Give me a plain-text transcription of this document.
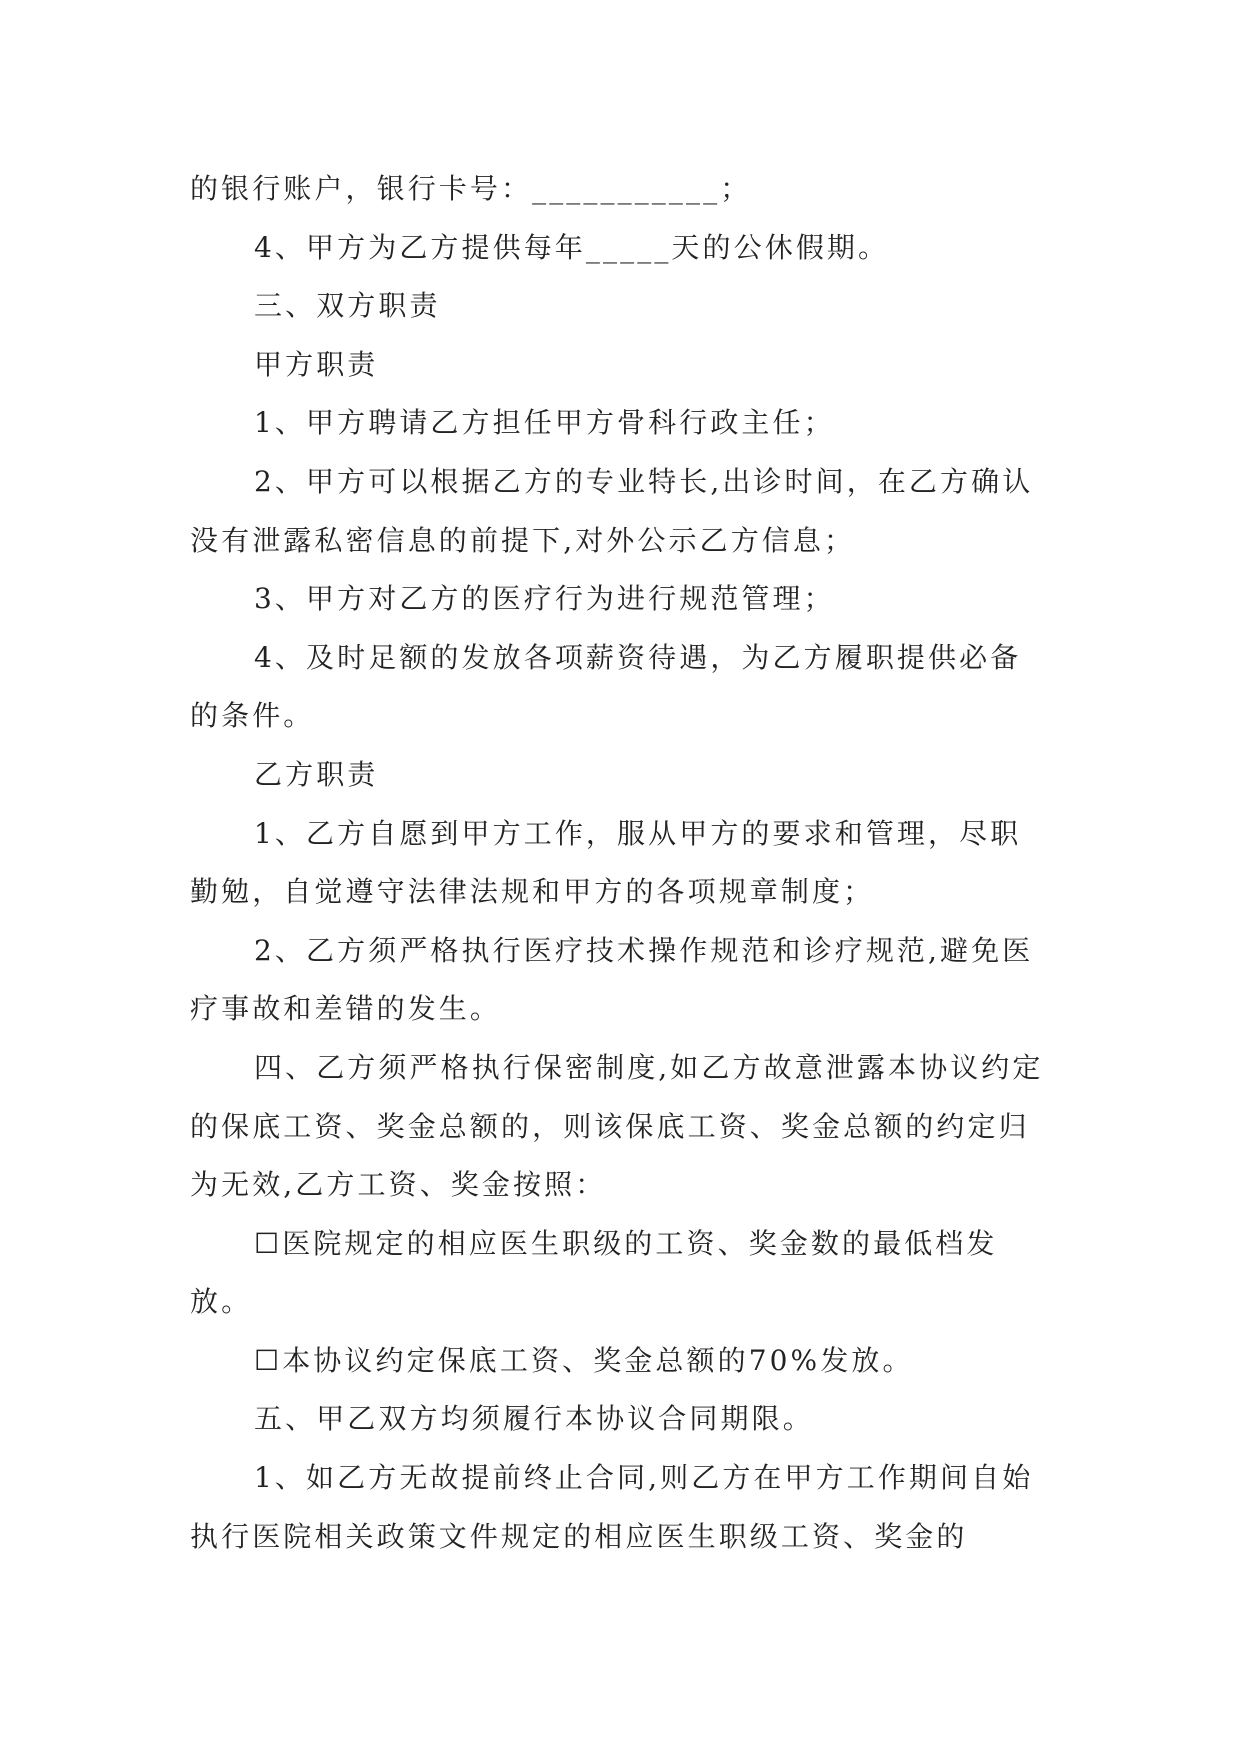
的银行账户，银行卡号：___________；

4、甲方为乙方提供每年_____天的公休假期。

三、双方职责

甲方职责

1、甲方聘请乙方担任甲方骨科行政主任；

2、甲方可以根据乙方的专业特长,出诊时间，在乙方确认没有泄露私密信息的前提下,对外公示乙方信息；

3、甲方对乙方的医疗行为进行规范管理；

4、及时足额的发放各项薪资待遇，为乙方履职提供必备的条件。

乙方职责

1、乙方自愿到甲方工作，服从甲方的要求和管理，尽职勤勉，自觉遵守法律法规和甲方的各项规章制度；

2、乙方须严格执行医疗技术操作规范和诊疗规范,避免医疗事故和差错的发生。

四、乙方须严格执行保密制度,如乙方故意泄露本协议约定的保底工资、奖金总额的，则该保底工资、奖金总额的约定归为无效,乙方工资、奖金按照：

☐医院规定的相应医生职级的工资、奖金数的最低档发放。

☐本协议约定保底工资、奖金总额的70%发放。

五、甲乙双方均须履行本协议合同期限。

1、如乙方无故提前终止合同,则乙方在甲方工作期间自始执行医院相关政策文件规定的相应医生职级工资、奖金的
